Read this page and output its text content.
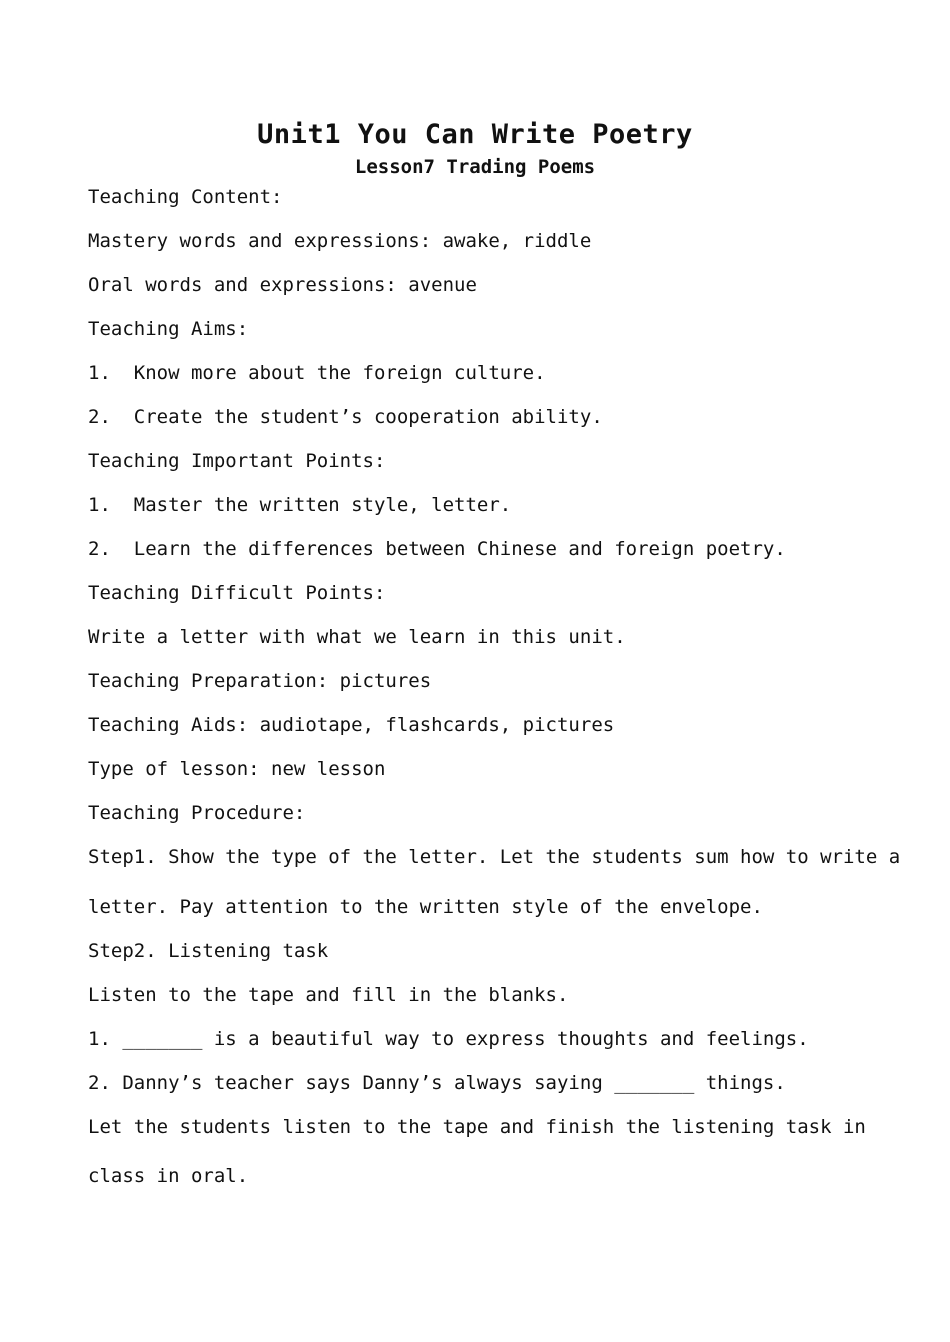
Unit1 You Can Write Poetry
Lesson7 Trading Poems
Teaching Content:
Mastery words and expressions: awake, riddle
Oral words and expressions: avenue
Teaching Aims:
1.  Know more about the foreign culture.
2.  Create the student’s cooperation ability.
Teaching Important Points:
1.  Master the written style, letter.
2.  Learn the differences between Chinese and foreign poetry.
Teaching Difficult Points:
Write a letter with what we learn in this unit.
Teaching Preparation: pictures
Teaching Aids: audiotape, flashcards, pictures
Type of lesson: new lesson
Teaching Procedure:
Step1. Show the type of the letter. Let the students sum how to write a
letter. Pay attention to the written style of the envelope.
Step2. Listening task
Listen to the tape and fill in the blanks.
1. _______ is a beautiful way to express thoughts and feelings.
2. Danny’s teacher says Danny’s always saying _______ things.
Let the students listen to the tape and finish the listening task in
class in oral.
